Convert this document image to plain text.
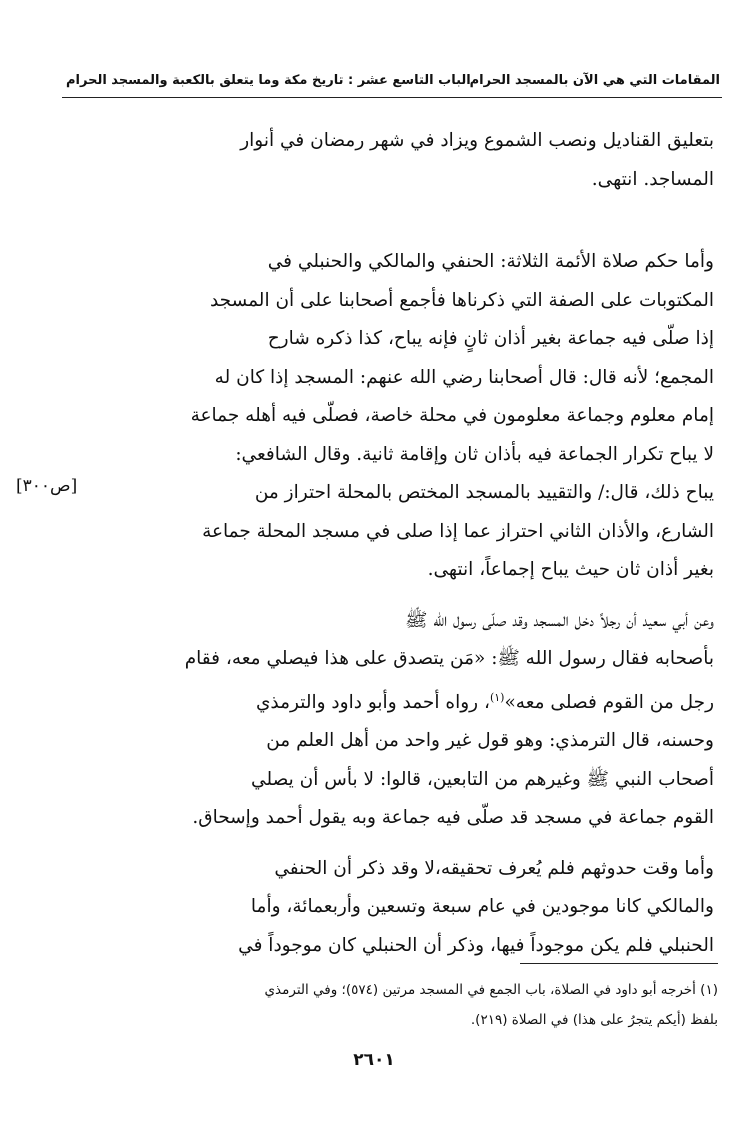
المقامات التي هي الآن بالمسجد الحرام
الباب التاسع عشر : تاريخ مكة وما يتعلق بالكعبة والمسجد الحرام
بتعليق القناديل ونصب الشموع ويزاد في شهر رمضان في أنوار
المساجد. انتهى.
وأما حكم صلاة الأئمة الثلاثة: الحنفي والمالكي والحنبلي في
المكتوبات على الصفة التي ذكرناها فأجمع أصحابنا على أن المسجد
إذا صلّى فيه جماعة بغير أذان ثانٍ فإنه يباح، كذا ذكره شارح
المجمع؛ لأنه قال: قال أصحابنا رضي الله عنهم: المسجد إذا كان له
إمام معلوم وجماعة معلومون في محلة خاصة، فصلّى فيه أهله جماعة
لا يباح تكرار الجماعة فيه بأذان ثان وإقامة ثانية. وقال الشافعي:
يباح ذلك، قال:/ والتقييد بالمسجد المختص بالمحلة احتراز من
الشارع، والأذان الثاني احتراز عما إذا صلى في مسجد المحلة جماعة
بغير أذان ثان حيث يباح إجماعاً، انتهى.
وعن أبي سعيد أن رجلاً دخل المسجد وقد صلّى رسول الله ﷺ
بأصحابه فقال رسول الله ﷺ: «مَن يتصدق على هذا فيصلي معه، فقام
رجل من القوم فصلى معه»$^{(١)}$، رواه أحمد وأبو داود والترمذي
وحسنه، قال الترمذي: وهو قول غير واحد من أهل العلم من
أصحاب النبي ﷺ وغيرهم من التابعين، قالوا: لا بأس أن يصلي
القوم جماعة في مسجد قد صلّى فيه جماعة وبه يقول أحمد وإسحاق.
وأما وقت حدوثهم فلم يُعرف تحقيقه،لا وقد ذكر أن الحنفي
والمالكي كانا موجودين في عام سبعة وتسعين وأربعمائة، وأما
الحنبلي فلم يكن موجوداً فيها، وذكر أن الحنبلي كان موجوداً في
[ص٣٠٠]
(١) أخرجه أبو داود في الصلاة، باب الجمع في المسجد مرتين (٥٧٤)؛ وفي الترمذي
بلفظ (أيكم يتجرُ على هذا) في الصلاة (٢١٩).
٢٦٠١
